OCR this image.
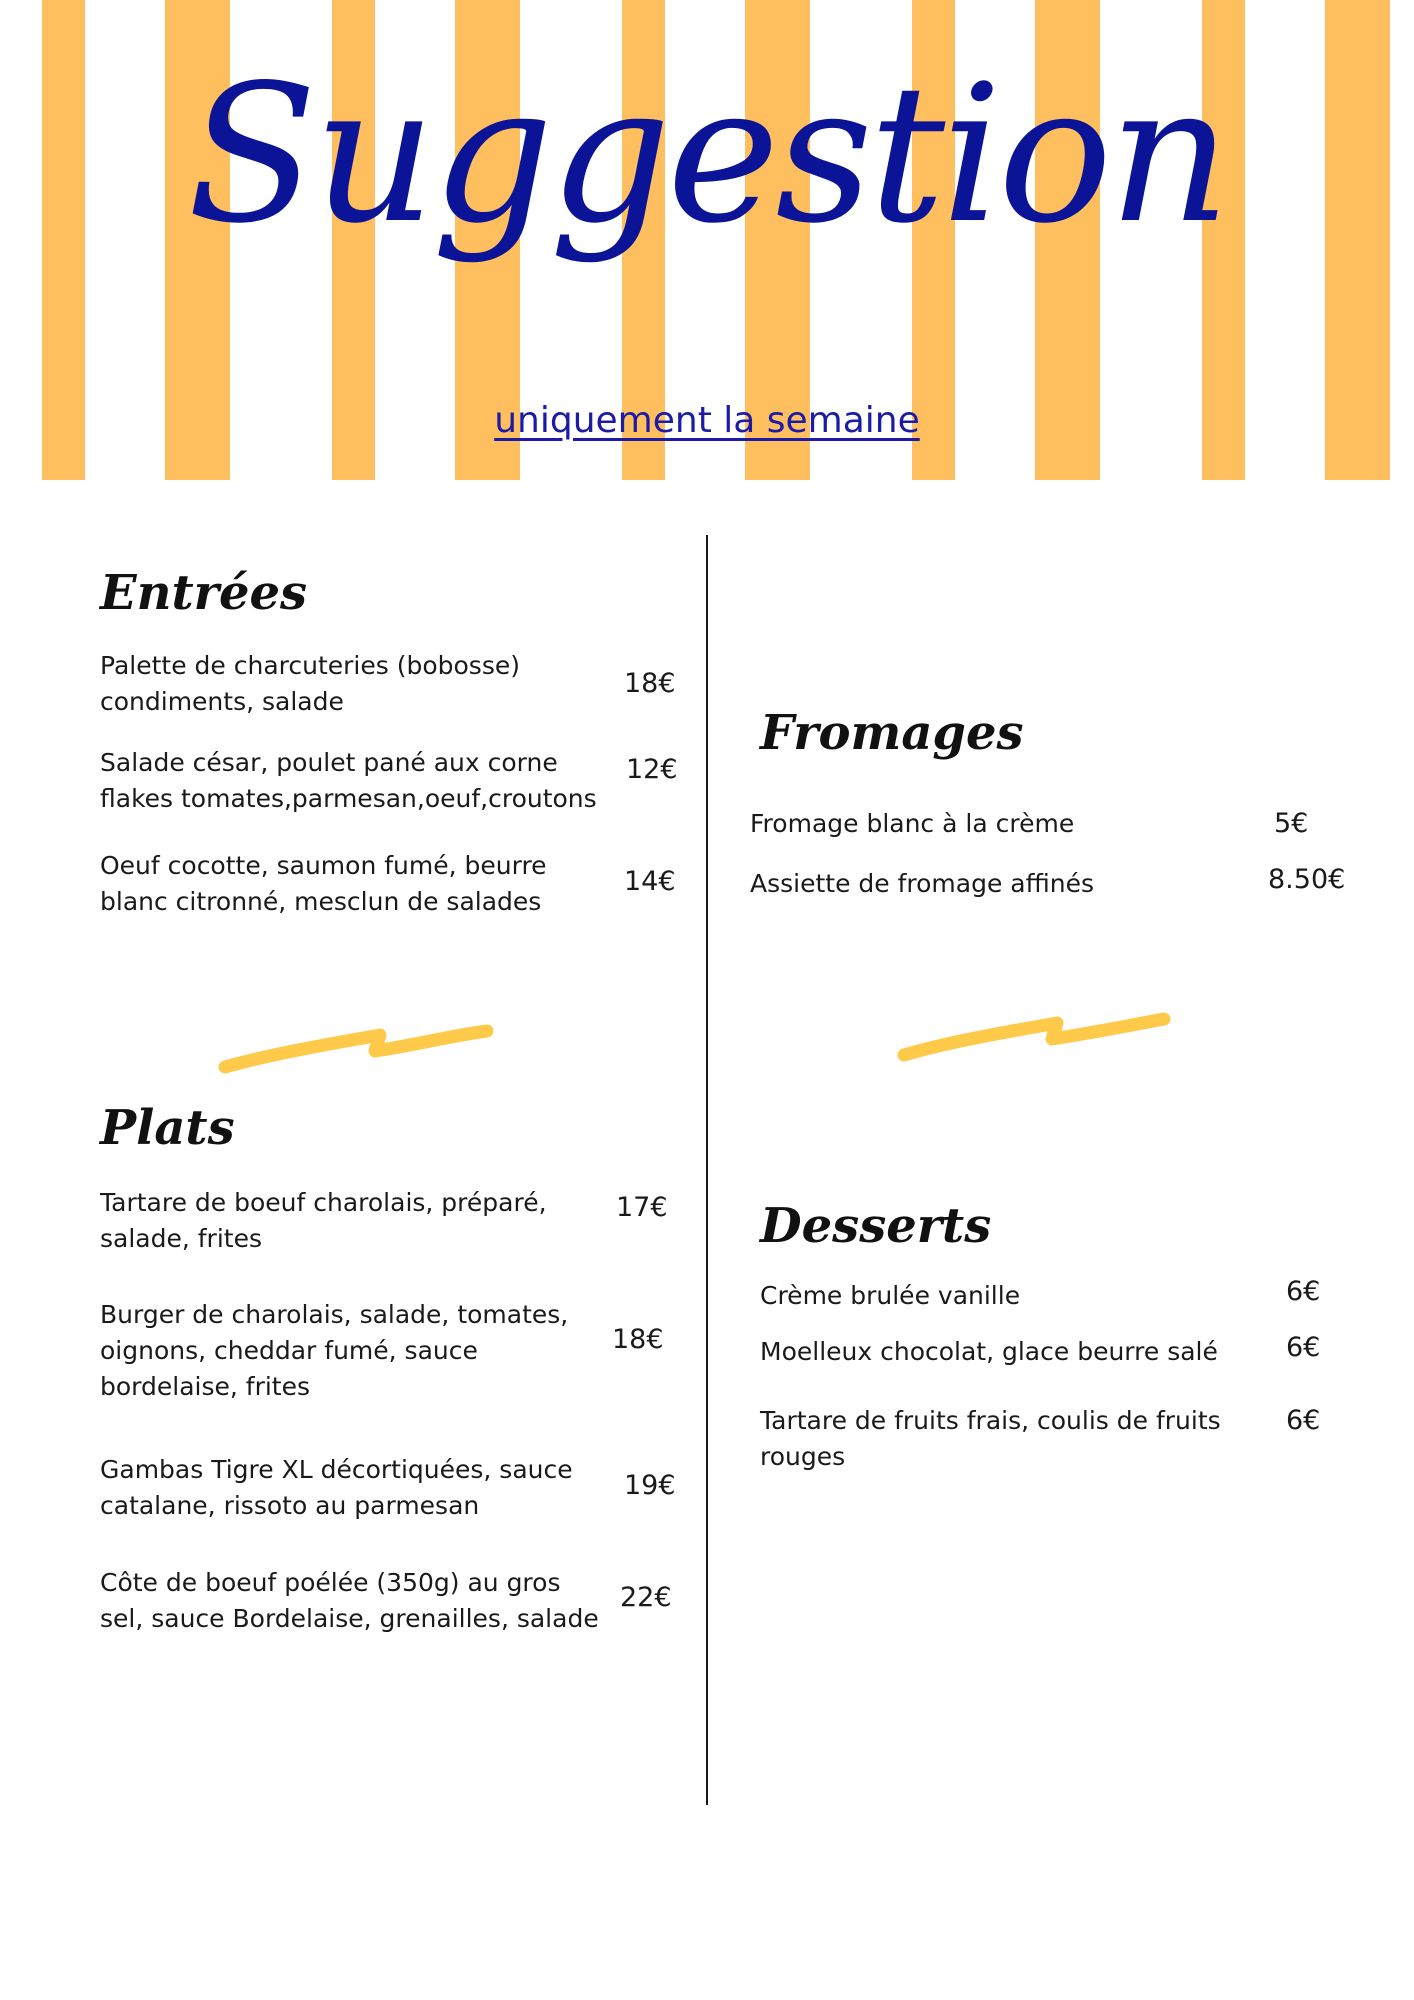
Suggestion
uniquement la semaine
Entrées
Palette de charcuteries (bobosse) condiments, salade
18€
Salade césar, poulet pané aux corne flakes tomates,parmesan,oeuf,croutons
12€
Oeuf cocotte, saumon fumé, beurre blanc citronné, mesclun de salades
14€
Fromages
Fromage blanc à la crème	5€
Assiette de fromage affinés	8.50€
Plats
Tartare de boeuf charolais, préparé, salade, frites
17€
Burger de charolais, salade, tomates, oignons, cheddar fumé, sauce bordelaise, frites
18€
Gambas Tigre XL décortiquées, sauce catalane, rissoto au parmesan
19€
Côte de boeuf poélée (350g) au gros sel, sauce Bordelaise, grenailles, salade
22€
Desserts
Crème brulée vanille	6€
Moelleux chocolat, glace beurre salé	6€
Tartare de fruits frais, coulis de fruits rouges
6€
